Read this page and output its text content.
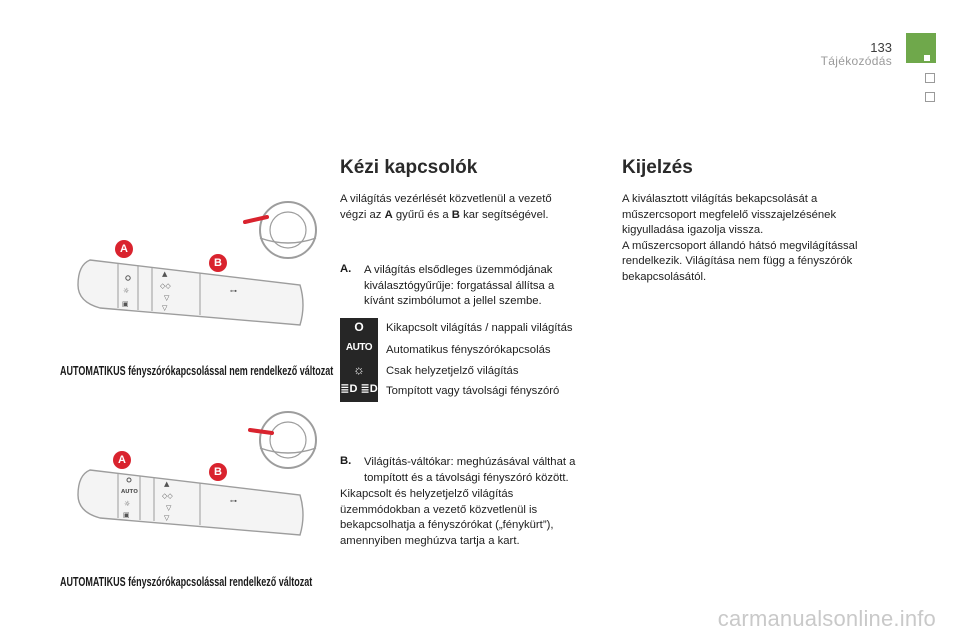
133
Tájékozódás
☼
▣
▲
◇◇
▽
▽
⊶
A
B
AUTOMATIKUS fényszórókapcsolással nem rendelkező változat
AUTO
☼
▣
▲
◇◇
▽
▽
⊶
A
B
AUTOMATIKUS fényszórókapcsolással rendelkező változat
Kézi kapcsolók
A világítás vezérlését közvetlenül a vezető
végzi az A gyűrű és a B kar segítségével.
A. A világítás elsődleges üzemmódjának
kiválasztógyűrűje: forgatással állítsa a
kívánt szimbólumot a jellel szembe.
O
AUTO
☼
≣D ≣D
Kikapcsolt világítás / nappali világítás
Automatikus fényszórókapcsolás
Csak helyzetjelző világítás
Tompított vagy távolsági fényszóró
B. Világítás-váltókar: meghúzásával válthat a
tompított és a távolsági fényszóró között.
Kikapcsolt és helyzetjelző világítás
üzemmódokban a vezető közvetlenül is
bekapcsolhatja a fényszórókat („fénykürt”),
amennyiben meghúzva tartja a kart.
Kijelzés
A kiválasztott világítás bekapcsolását a
műszercsoport megfelelő visszajelzésének
kigyulladása igazolja vissza.
A műszercsoport állandó hátsó megvilágítással
rendelkezik. Világítása nem függ a fényszórók
bekapcsolásától.
carmanualsonline.info
